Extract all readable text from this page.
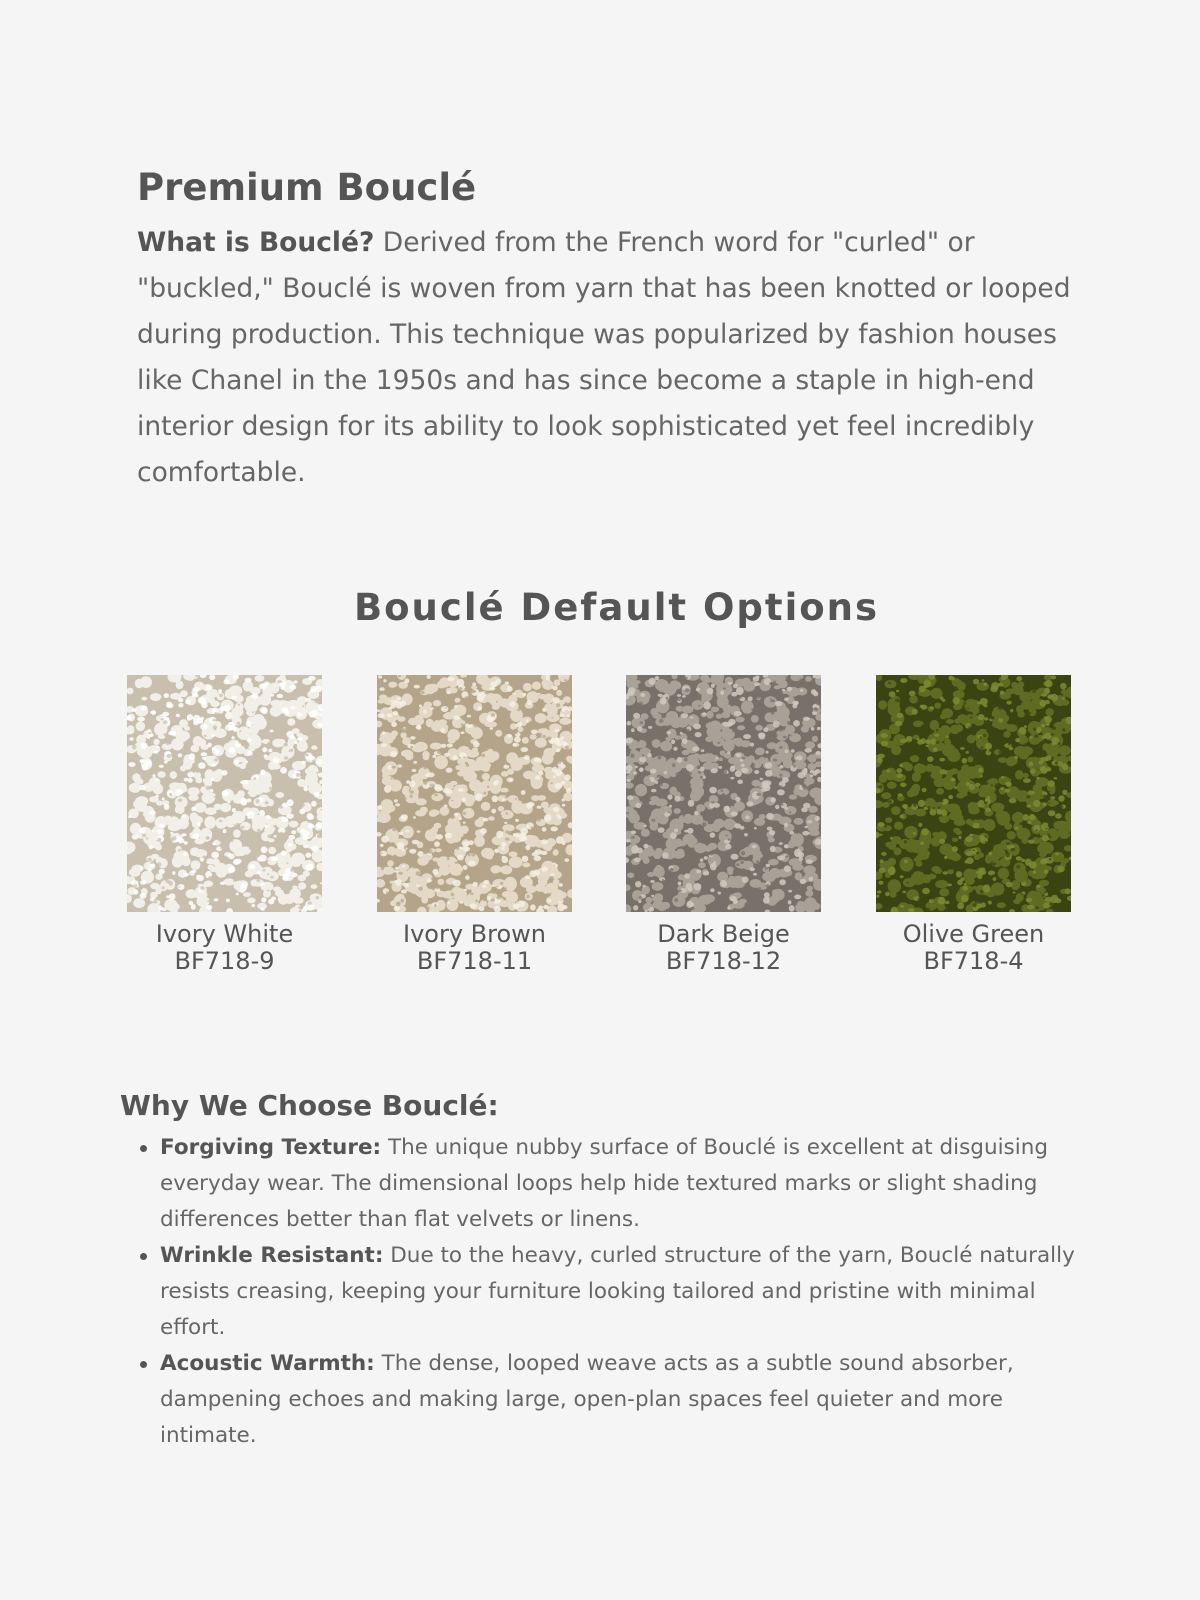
Premium Bouclé

What is Bouclé? Derived from the French word for "curled" or "buckled," Bouclé is woven from yarn that has been knotted or looped during production. This technique was popularized by fashion houses like Chanel in the 1950s and has since become a staple in high-end interior design for its ability to look sophisticated yet feel incredibly comfortable.

Bouclé Default Options
Ivory White
BF718-9
Ivory Brown
BF718-11
Dark Beige
BF718-12
Olive Green
BF718-4
Why We Choose Bouclé:
Forgiving Texture: The unique nubby surface of Bouclé is excellent at disguising everyday wear. The dimensional loops help hide textured marks or slight shading differences better than flat velvets or linens.
Wrinkle Resistant: Due to the heavy, curled structure of the yarn, Bouclé naturally resists creasing, keeping your furniture looking tailored and pristine with minimal effort.
Acoustic Warmth: The dense, looped weave acts as a subtle sound absorber, dampening echoes and making large, open-plan spaces feel quieter and more intimate.
